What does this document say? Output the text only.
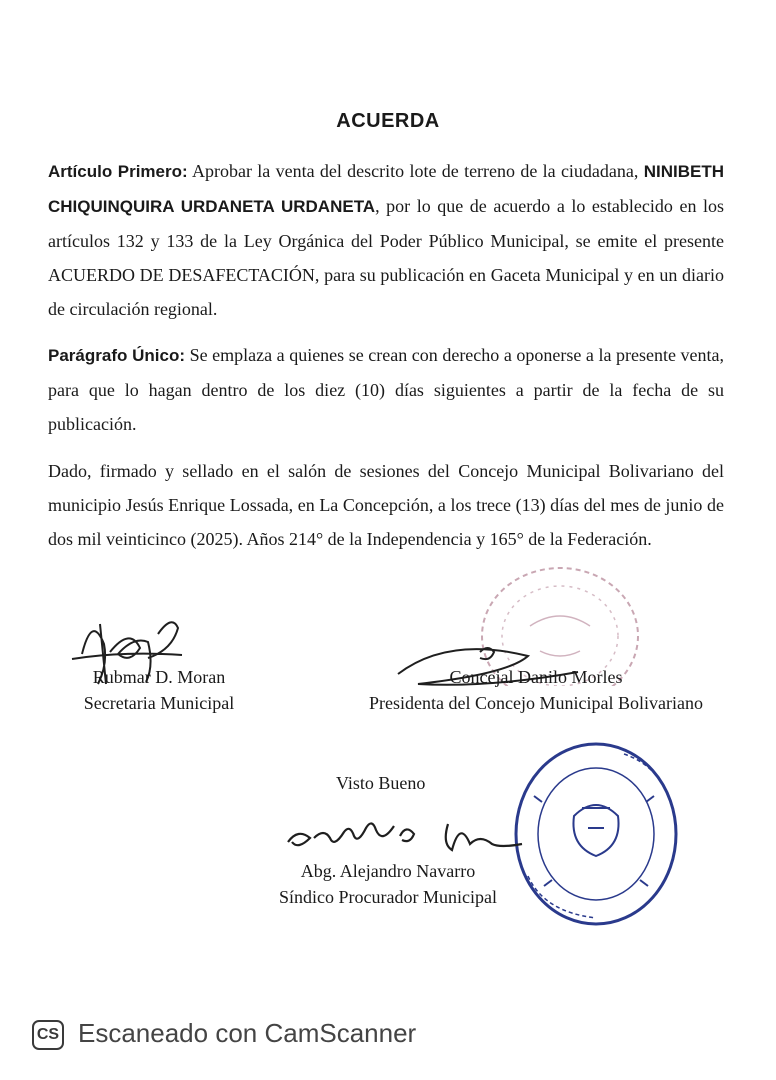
ACUERDA

Artículo Primero: Aprobar la venta del descrito lote de terreno de la ciudadana, NINIBETH CHIQUINQUIRA URDANETA URDANETA, por lo que de acuerdo a lo establecido en los artículos 132 y 133 de la Ley Orgánica del Poder Público Municipal, se emite el presente ACUERDO DE DESAFECTACIÓN, para su publicación en Gaceta Municipal y en un diario de circulación regional.

Parágrafo Único: Se emplaza a quienes se crean con derecho a oponerse a la presente venta, para que lo hagan dentro de los diez (10) días siguientes a partir de la fecha de su publicación.

Dado, firmado y sellado en el salón de sesiones del Concejo Municipal Bolivariano del municipio Jesús Enrique Lossada, en La Concepción, a los trece (13) días del mes de junio de dos mil veinticinco (2025). Años 214° de la Independencia y 165° de la Federación.

Rubmar D. Moran
Secretaria Municipal
Concejal Danilo Morles
Presidenta del Concejo Municipal Bolivariano
Visto Bueno
Abg. Alejandro Navarro
Síndico Procurador Municipal
CS Escaneado con CamScanner
